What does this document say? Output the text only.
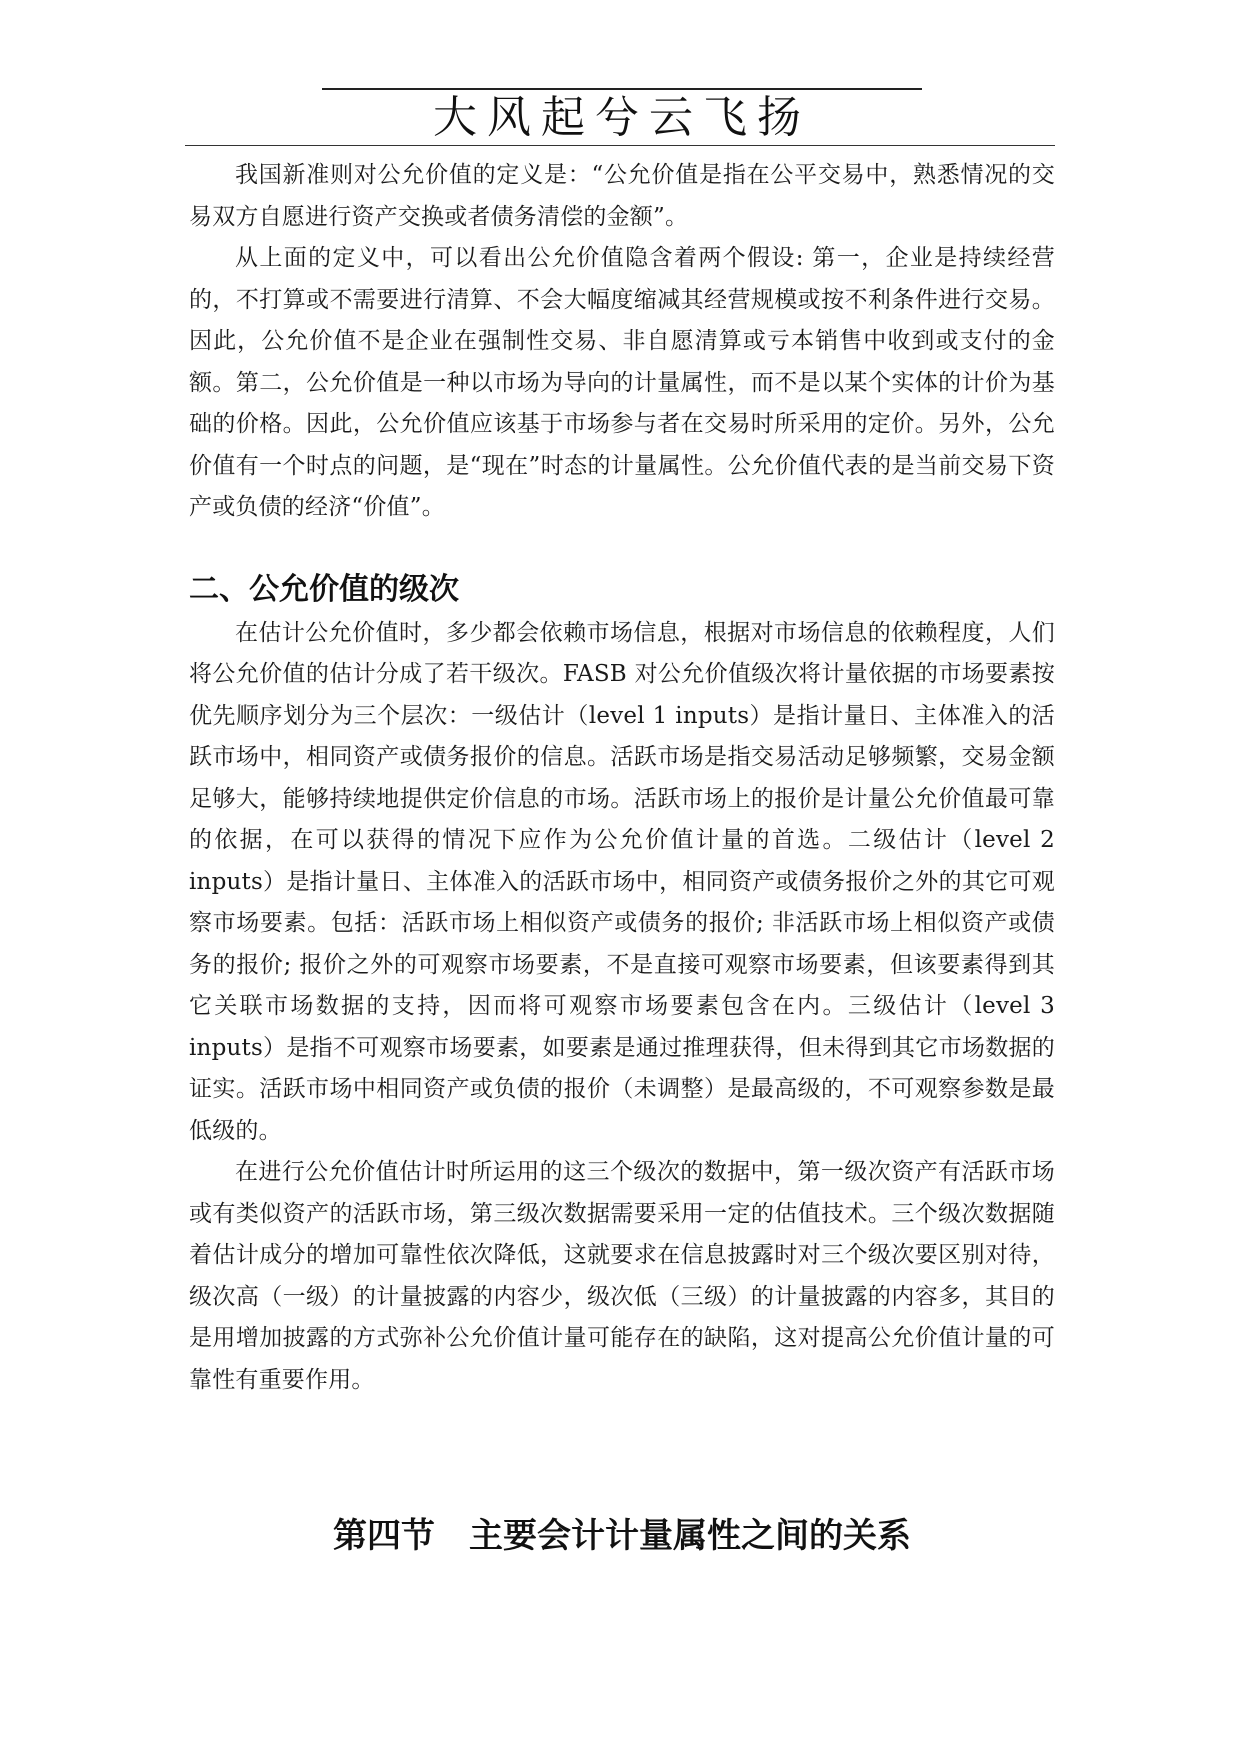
大风起兮云飞扬

我国新准则对公允价值的定义是：“公允价值是指在公平交易中，熟悉情况的交易双方自愿进行资产交换或者债务清偿的金额”。

从上面的定义中，可以看出公允价值隐含着两个假设: 第一，企业是持续经营的，不打算或不需要进行清算、不会大幅度缩减其经营规模或按不利条件进行交易。因此，公允价值不是企业在强制性交易、非自愿清算或亏本销售中收到或支付的金额。第二，公允价值是一种以市场为导向的计量属性，而不是以某个实体的计价为基础的价格。因此，公允价值应该基于市场参与者在交易时所采用的定价。另外，公允价值有一个时点的问题，是“现在”时态的计量属性。公允价值代表的是当前交易下资产或负债的经济“价值”。

二、公允价值的级次

在估计公允价值时，多少都会依赖市场信息，根据对市场信息的依赖程度，人们将公允价值的估计分成了若干级次。FASB 对公允价值级次将计量依据的市场要素按优先顺序划分为三个层次：一级估计（level 1 inputs）是指计量日、主体准入的活跃市场中，相同资产或债务报价的信息。活跃市场是指交易活动足够频繁，交易金额足够大，能够持续地提供定价信息的市场。活跃市场上的报价是计量公允价值最可靠的依据，在可以获得的情况下应作为公允价值计量的首选。二级估计（level 2 inputs）是指计量日、主体准入的活跃市场中，相同资产或债务报价之外的其它可观察市场要素。包括：活跃市场上相似资产或债务的报价; 非活跃市场上相似资产或债务的报价; 报价之外的可观察市场要素，不是直接可观察市场要素，但该要素得到其它关联市场数据的支持，因而将可观察市场要素包含在内。三级估计（level 3 inputs）是指不可观察市场要素，如要素是通过推理获得，但未得到其它市场数据的证实。活跃市场中相同资产或负债的报价（未调整）是最高级的，不可观察参数是最低级的。

在进行公允价值估计时所运用的这三个级次的数据中，第一级次资产有活跃市场或有类似资产的活跃市场，第三级次数据需要采用一定的估值技术。三个级次数据随着估计成分的增加可靠性依次降低，这就要求在信息披露时对三个级次要区别对待，级次高（一级）的计量披露的内容少，级次低（三级）的计量披露的内容多，其目的是用增加披露的方式弥补公允价值计量可能存在的缺陷，这对提高公允价值计量的可靠性有重要作用。

第四节　主要会计计量属性之间的关系
